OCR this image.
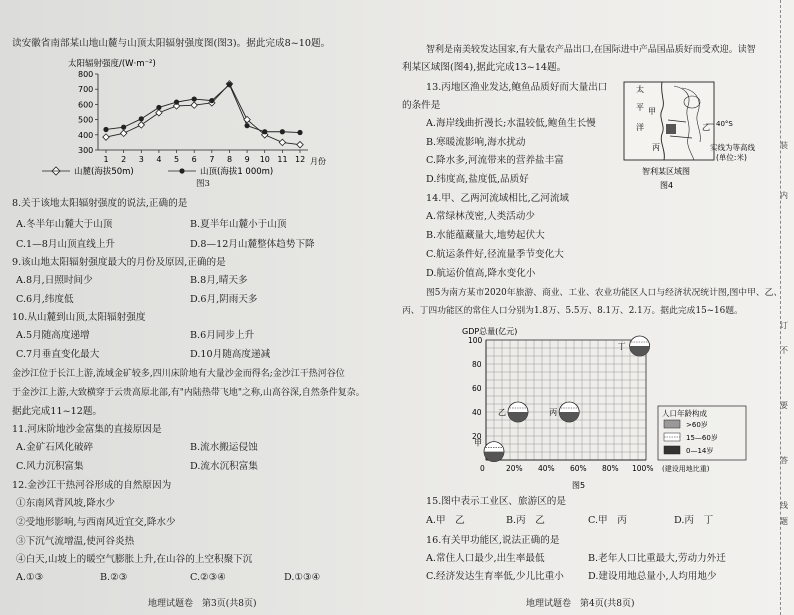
读安徽省南部某山地山麓与山顶太阳辐射强度图(图3)。据此完成8~10题。
太阳辐射强度/(W·m⁻²)
300
400
500
600
700
800
1 2 3 4 5 6 7 8 9 10 11 12 月份
山麓(海拔50m)	山顶(海拔1 000m)
图3
8.关于该地太阳辐射强度的说法,正确的是
A.冬半年山麓大于山顶	B.夏半年山麓小于山顶
C.1—8月山顶直线上升	D.8—12月山麓整体趋势下降
9.该山地太阳辐射强度最大的月份及原因,正确的是
A.8月,日照时间少	B.8月,晴天多
C.6月,纬度低	D.6月,阴雨天多
10.从山麓到山顶,太阳辐射强度
A.5月随高度递增	B.6月同步上升
C.7月垂直变化最大	D.10月随高度递减
金沙江位于长江上游,流域金矿较多,四川床阶地有大量沙金而得名;金沙江干热河谷位
于金沙江上游,大致横穿于云贵高原北部,有"内陆热带飞地"之称,山高谷深,自然条件复杂。
据此完成11~12题。
11.河床阶地沙金富集的直接原因是
A.金矿石风化破碎	B.流水搬运侵蚀
C.风力沉积富集	D.流水沉积富集
12.金沙江干热河谷形成的自然原因为
①东南风背风坡,降水少
②受地形影响,与西南风近宜交,降水少
③下沉气流增温,使河谷炎热
④白天,山坡上的暖空气膨胀上升,在山谷的上空积聚下沉
A.①③	B.②③	C.②③④	D.①③④
地理试题卷　第3页(共8页)
智利是南美较发达国家,有大量农产品出口,在国际进中产品国品质好而受欢迎。读智
利某区域图(图4),据此完成13~14题。
13.丙地区渔业发达,鲍鱼品质好而大量出口
的条件是
A.海岸线曲折漫长;水温较低,鲍鱼生长慢
B.寒暖流影响,海水扰动
C.降水多,河流带来的营养盐丰富
D.纬度高,盐度低,品质好
太
平
洋
甲
丙
乙 40°S
实线为等高线
(单位:米)
智利某区域图
图4
14.甲、乙两河流域相比,乙河流域
A.常绿林茂密,人类活动少
B.水能蕴藏量大,地势起伏大
C.航运条件好,径流量季节变化大
D.航运价值高,降水变化小
图5为南方某市2020年旅游、商业、工业、农业功能区人口与经济状况统计图,图中甲、乙、
丙、丁四功能区的常住人口分别为1.8万、5.5万、8.1万、2.1万。据此完成15~16题。
GDP总量(亿元)
100
80
60
40
20
0	20% 40% 60% 80% 100% (建设用地比重)
甲
乙	丙
丁
人口年龄构成
>60岁
15—60岁
0—14岁
图5
15.图中表示工业区、旅游区的是
A.甲　乙	B.丙　乙	C.甲　丙	D.丙　丁
16.有关甲功能区,说法正确的是
A.常住人口最少,出生率最低	B.老年人口比重最大,劳动力外迁
C.经济发达生育率低,少儿比重小	D.建设用地总量小,人均用地少
地理试题卷　第4页(共8页)
装
订
线
内
不
要
答
题
